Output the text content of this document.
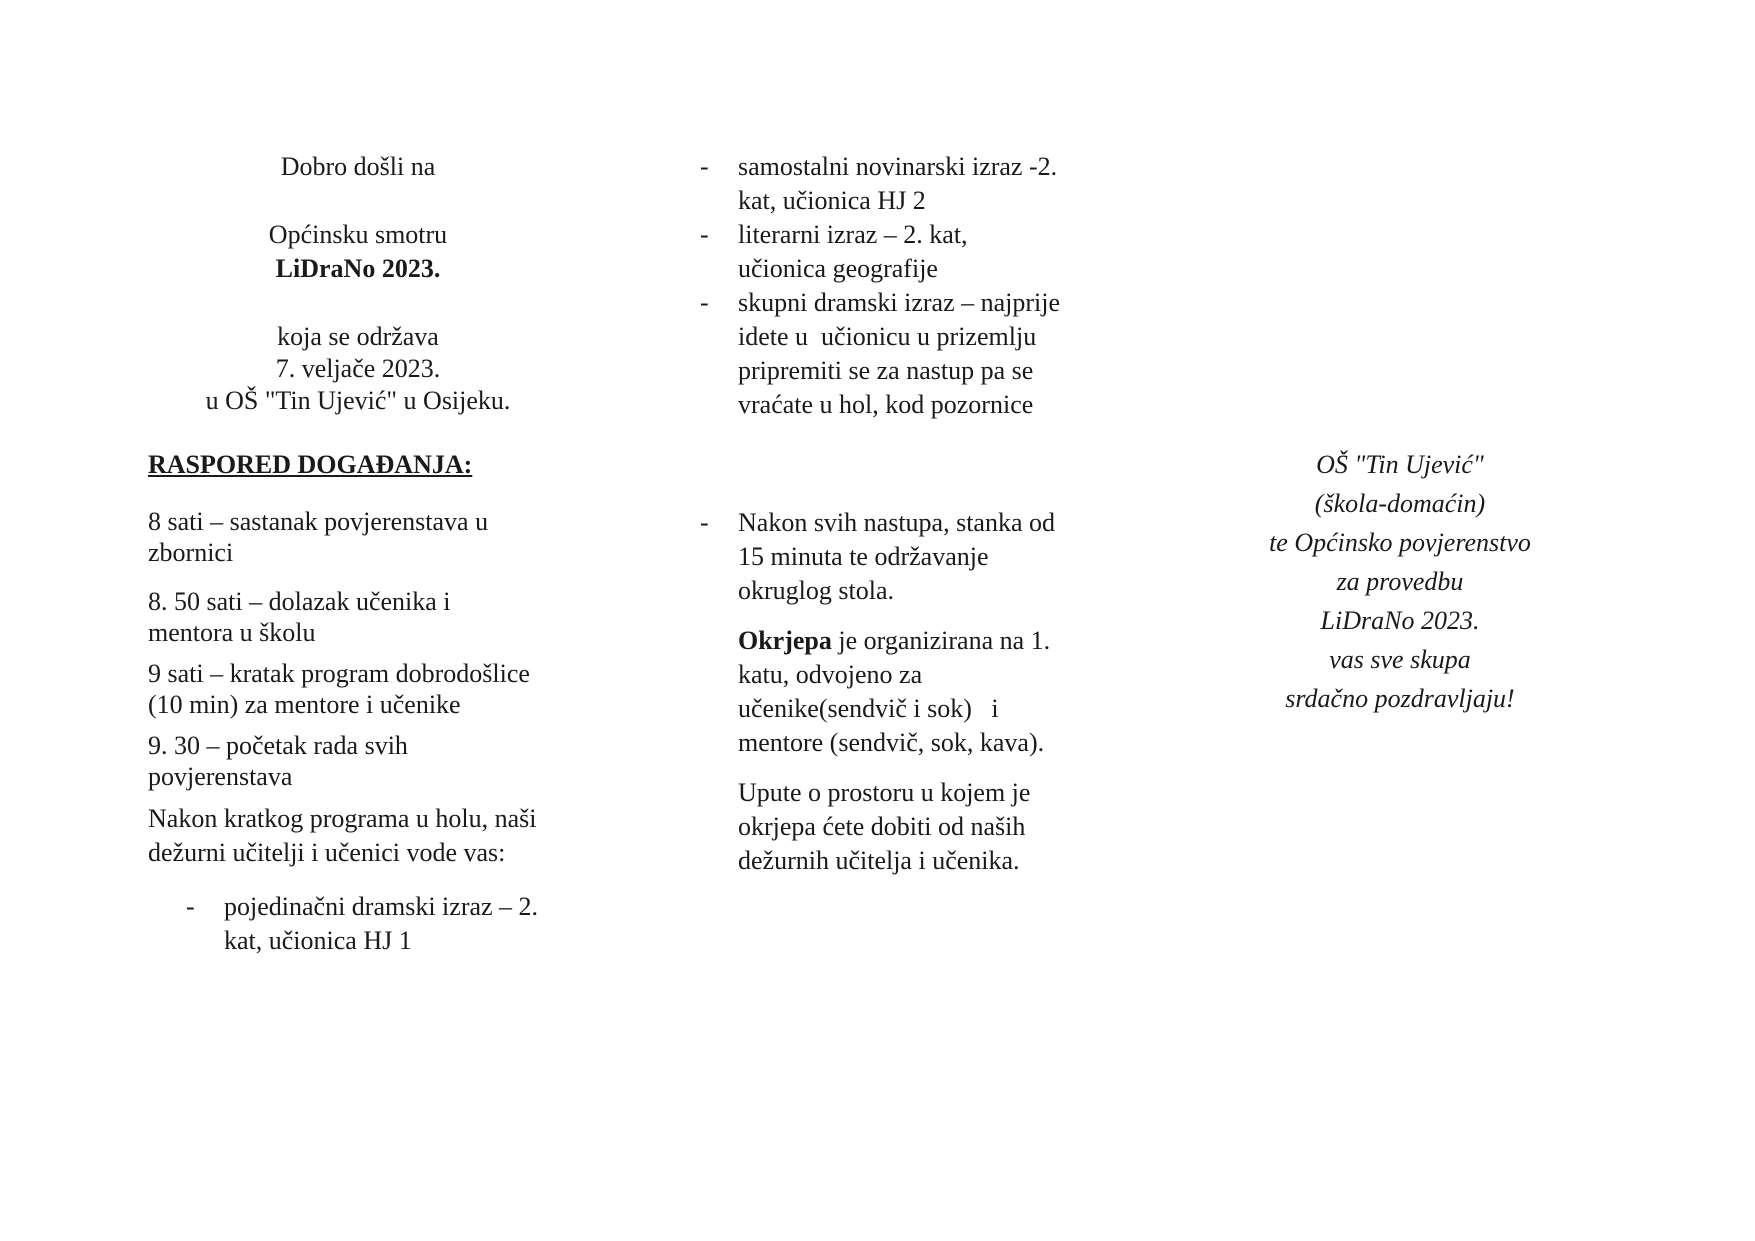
Dobro došli na
Općinsku smotru
LiDraNo 2023.
koja se održava
7. veljače 2023.
u OŠ "Tin Ujević" u Osijeku.
RASPORED DOGAĐANJA:
8 sati – sastanak povjerenstava u
zbornici
8. 50 sati – dolazak učenika i
mentora u školu
9 sati – kratak program dobrodošlice
(10 min) za mentore i učenike
9. 30 – početak rada svih
povjerenstava
Nakon kratkog programa u holu, naši
dežurni učitelji i učenici vode vas:
- pojedinačni dramski izraz – 2.
kat, učionica HJ 1
- samostalni novinarski izraz -2.
kat, učionica HJ 2
- literarni izraz – 2. kat,
učionica geografije
- skupni dramski izraz – najprije
idete u  učionicu u prizemlju
pripremiti se za nastup pa se
vraćate u hol, kod pozornice
- Nakon svih nastupa, stanka od
15 minuta te održavanje
okruglog stola.
Okrjepa je organizirana na 1.
katu, odvojeno za
učenike(sendvič i sok)   i
mentore (sendvič, sok, kava).
Upute o prostoru u kojem je
okrjepa ćete dobiti od naših
dežurnih učitelja i učenika.
OŠ "Tin Ujević"
(škola-domaćin)
te Općinsko povjerenstvo
za provedbu
LiDraNo 2023.
vas sve skupa
srdačno pozdravljaju!
